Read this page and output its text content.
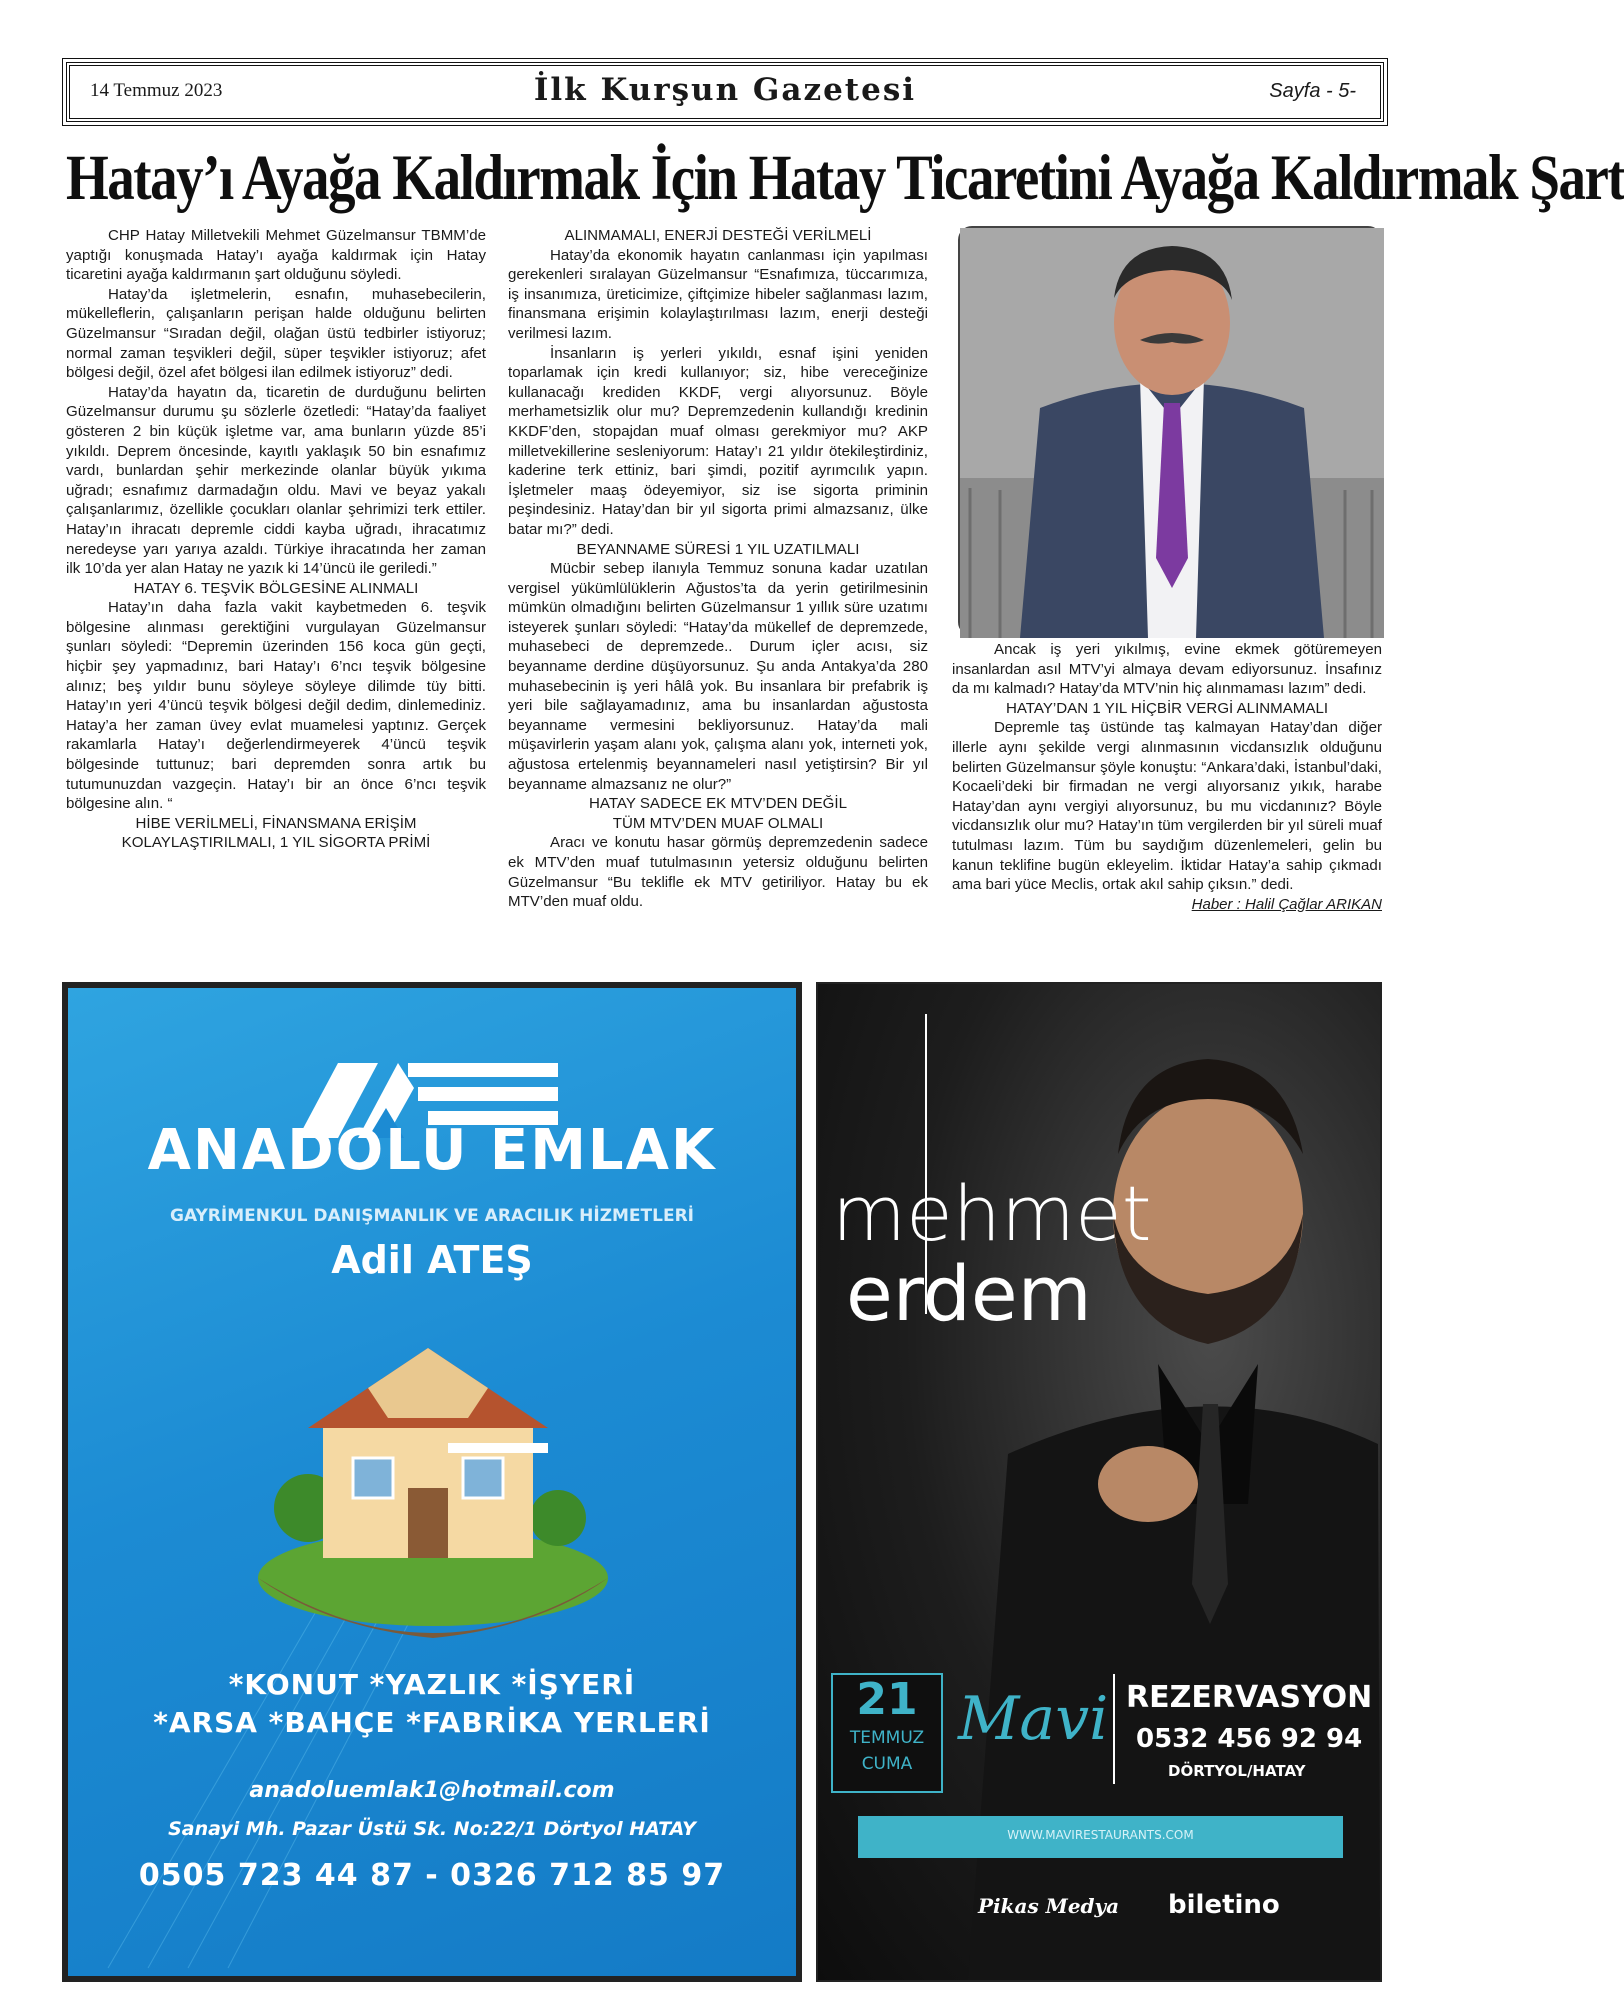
14 Temmuz 2023	İlk Kurşun Gazetesi	Sayfa - 5-
Hatay’ı Ayağa Kaldırmak İçin Hatay Ticaretini Ayağa Kaldırmak Şart

CHP Hatay Milletvekili Mehmet Güzelmansur TBMM’de yaptığı konuşmada Hatay’ı ayağa kaldırmak için Hatay ticaretini ayağa kaldırmanın şart olduğunu söyledi.

Hatay’da işletmelerin, esnafın, muhasebecilerin, mükelleflerin, çalışanların perişan halde olduğunu belirten Güzelmansur “Sıradan değil, olağan üstü tedbirler istiyoruz; normal zaman teşvikleri değil, süper teşvikler istiyoruz; afet bölgesi değil, özel afet bölgesi ilan edilmek istiyoruz” dedi.

Hatay’da hayatın da, ticaretin de durduğunu belirten Güzelmansur durumu şu sözlerle özetledi: “Hatay’da faaliyet gösteren 2 bin küçük işletme var, ama bunların yüzde 85’i yıkıldı. Deprem öncesinde, kayıtlı yaklaşık 50 bin esnafımız vardı, bunlardan şehir merkezinde olanlar büyük yıkıma uğradı; esnafımız darmadağın oldu. Mavi ve beyaz yakalı çalışanlarımız, özellikle çocukları olanlar şehrimizi terk ettiler. Hatay’ın ihracatı depremle ciddi kayba uğradı, ihracatımız neredeyse yarı yarıya azaldı. Türkiye ihracatında her zaman ilk 10’da yer alan Hatay ne yazık ki 14’üncü ile geriledi.”

HATAY 6. TEŞVİK BÖLGESİNE ALINMALI

Hatay’ın daha fazla vakit kaybetmeden 6. teşvik bölgesine alınması gerektiğini vurgulayan Güzelmansur şunları söyledi: “Depremin üzerinden 156 koca gün geçti, hiçbir şey yapmadınız, bari Hatay’ı 6’ncı teşvik bölgesine alınız; beş yıldır bunu söyleye söyleye dilimde tüy bitti. Hatay’ın yeri 4’üncü teşvik bölgesi değil dedim, dinlemediniz. Hatay’a her zaman üvey evlat muamelesi yaptınız. Gerçek rakamlarla Hatay’ı değerlendirmeyerek 4’üncü teşvik bölgesinde tuttunuz; bari depremden sonra artık bu tutumunuzdan vazgeçin. Hatay’ı bir an önce 6’ncı teşvik bölgesine alın. “

HİBE VERİLMELİ, FİNANSMANA ERİŞİM KOLAYLAŞTIRILMALI, 1 YIL SİGORTA PRİMİ

ALINMAMALI, ENERJİ DESTEĞİ VERİLMELİ

Hatay’da ekonomik hayatın canlanması için yapılması gerekenleri sıralayan Güzelmansur “Esnafımıza, tüccarımıza, iş insanımıza, üreticimize, çiftçimize hibeler sağlanması lazım, finansmana erişimin kolaylaştırılması lazım, enerji desteği verilmesi lazım.

İnsanların iş yerleri yıkıldı, esnaf işini yeniden toparlamak için kredi kullanıyor; siz, hibe vereceğinize kullanacağı krediden KKDF, vergi alıyorsunuz. Böyle merhametsizlik olur mu? Depremzedenin kullandığı kredinin KKDF’den, stopajdan muaf olması gerekmiyor mu? AKP milletvekillerine sesleniyorum: Hatay’ı 21 yıldır ötekileştirdiniz, kaderine terk ettiniz, bari şimdi, pozitif ayrımcılık yapın. İşletmeler maaş ödeyemiyor, siz ise sigorta priminin peşindesiniz. Hatay’dan bir yıl sigorta primi almazsanız, ülke batar mı?” dedi.

BEYANNAME SÜRESİ 1 YIL UZATILMALI

Mücbir sebep ilanıyla Temmuz sonuna kadar uzatılan vergisel yükümlülüklerin Ağustos’ta da yerin getirilmesinin mümkün olmadığını belirten Güzelmansur 1 yıllık süre uzatımı isteyerek şunları söyledi: “Hatay’da mükellef de depremzede, muhasebeci de depremzede.. Durum içler acısı, siz beyanname derdine düşüyorsunuz. Şu anda Antakya’da 280 muhasebecinin iş yeri hâlâ yok. Bu insanlara bir prefabrik iş yeri bile sağlayamadınız, ama bu insanlardan ağustosta beyanname vermesini bekliyorsunuz. Hatay’da mali müşavirlerin yaşam alanı yok, çalışma alanı yok, interneti yok, ağustosa ertelenmiş beyannameleri nasıl yetiştirsin? Bir yıl beyanname almazsanız ne olur?”

HATAY SADECE EK MTV’DEN DEĞİL

TÜM MTV’DEN MUAF OLMALI

Aracı ve konutu hasar görmüş depremzedenin sadece ek MTV’den muaf tutulmasının yetersiz olduğunu belirten Güzelmansur “Bu teklifle ek MTV getiriliyor. Hatay bu ek MTV’den muaf oldu.

Ancak iş yeri yıkılmış, evine ekmek götüremeyen insanlardan asıl MTV’yi almaya devam ediyorsunuz. İnsafınız da mı kalmadı? Hatay’da MTV’nin hiç alınmaması lazım” dedi.

HATAY’DAN 1 YIL HİÇBİR VERGİ ALINMAMALI

Depremle taş üstünde taş kalmayan Hatay’dan diğer illerle aynı şekilde vergi alınmasının vicdansızlık olduğunu belirten Güzelmansur şöyle konuştu: “Ankara’daki, İstanbul’daki, Kocaeli’deki bir firmadan ne vergi alıyorsanız yıkık, harabe Hatay’dan aynı vergiyi alıyorsunuz, bu mu vicdanınız? Böyle vicdansızlık olur mu? Hatay’ın tüm vergilerden bir yıl süreli muaf tutulması lazım. Tüm bu saydığım düzenlemeleri, gelin bu kanun teklifine bugün ekleyelim. İktidar Hatay’a sahip çıkmadı ama bari yüce Meclis, ortak akıl sahip çıksın.” dedi.

Haber : Halil Çağlar ARIKAN

ANADOLU EMLAK
GAYRİMENKUL DANIŞMANLIK VE ARACILIK HİZMETLERİ
Adil ATEŞ
*KONUT *YAZLIK *İŞYERİ
*ARSA *BAHÇE *FABRİKA YERLERİ
anadoluemlak1@hotmail.com
Sanayi Mh. Pazar Üstü Sk. No:22/1 Dörtyol HATAY
0505 723 44 87 - 0326 712 85 97
mehmet
erdem
21
TEMMUZ
CUMA
Mavi REZERVASYON
0532 456 92 94
DÖRTYOL/HATAY
WWW.MAVIRESTAURANTS.COM
Pikas Medya biletino
